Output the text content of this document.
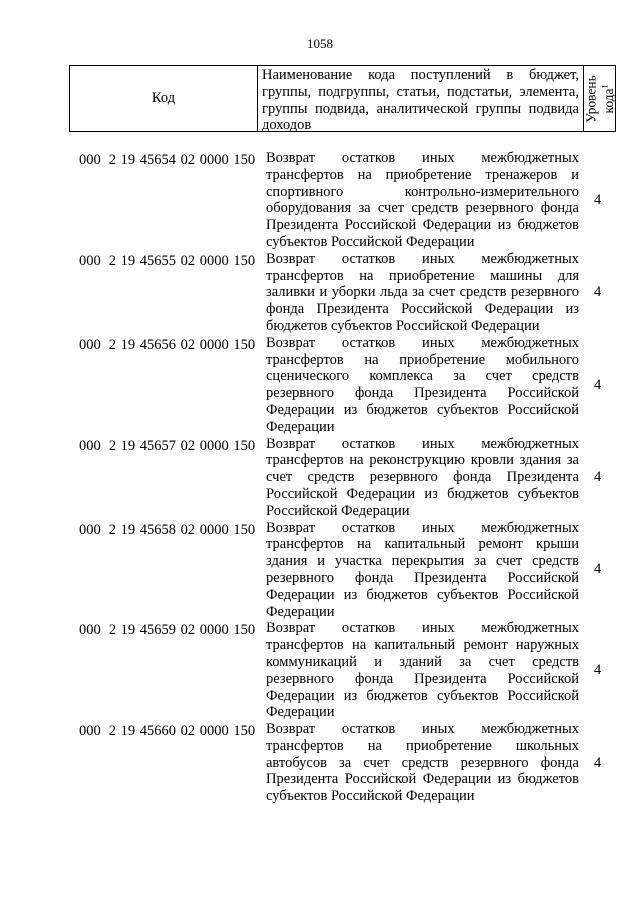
1058
Код
Наименование кода поступлений в бюджет, группы, подгруппы, статьи, подстатьи, элемента, группы подвида, аналитической группы подвида доходов
Уровень кода$^1$
000 2 19 45654 02 0000 150 Возврат остатков иных межбюджетных трансфертов на приобретение тренажеров и спортивного контрольно-измерительного оборудования за счет средств резервного фонда Президента Российской Федерации из бюджетов субъектов Российской Федерации
4
000 2 19 45655 02 0000 150 Возврат остатков иных межбюджетных трансфертов на приобретение машины для заливки и уборки льда за счет средств резервного фонда Президента Российской Федерации из бюджетов субъектов Российской Федерации
4
000 2 19 45656 02 0000 150 Возврат остатков иных межбюджетных трансфертов на приобретение мобильного сценического комплекса за счет средств резервного фонда Президента Российской Федерации из бюджетов субъектов Российской Федерации
4
000 2 19 45657 02 0000 150 Возврат остатков иных межбюджетных трансфертов на реконструкцию кровли здания за счет средств резервного фонда Президента Российской Федерации из бюджетов субъектов Российской Федерации
4
000 2 19 45658 02 0000 150 Возврат остатков иных межбюджетных трансфертов на капитальный ремонт крыши здания и участка перекрытия за счет средств резервного фонда Президента Российской Федерации из бюджетов субъектов Российской Федерации
4
000 2 19 45659 02 0000 150 Возврат остатков иных межбюджетных трансфертов на капитальный ремонт наружных коммуникаций и зданий за счет средств резервного фонда Президента Российской Федерации из бюджетов субъектов Российской Федерации
4
000 2 19 45660 02 0000 150 Возврат остатков иных межбюджетных трансфертов на приобретение школьных автобусов за счет средств резервного фонда Президента Российской Федерации из бюджетов субъектов Российской Федерации
4
